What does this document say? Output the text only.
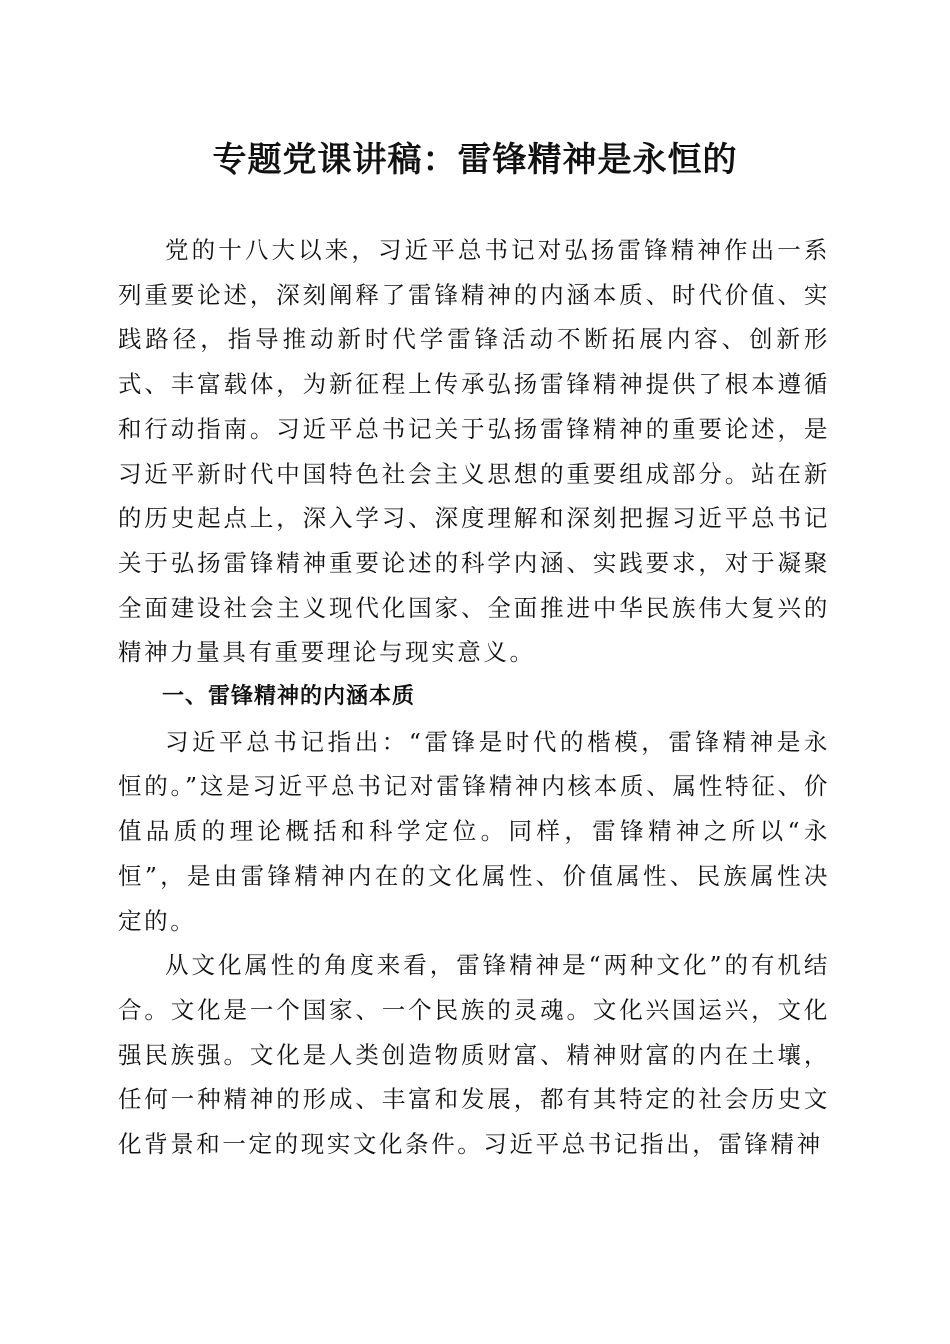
专题党课讲稿：雷锋精神是永恒的

党的十八大以来，习近平总书记对弘扬雷锋精神作出一系列重要论述，深刻阐释了雷锋精神的内涵本质、时代价值、实践路径，指导推动新时代学雷锋活动不断拓展内容、创新形式、丰富载体，为新征程上传承弘扬雷锋精神提供了根本遵循和行动指南。习近平总书记关于弘扬雷锋精神的重要论述，是习近平新时代中国特色社会主义思想的重要组成部分。站在新的历史起点上，深入学习、深度理解和深刻把握习近平总书记关于弘扬雷锋精神重要论述的科学内涵、实践要求，对于凝聚全面建设社会主义现代化国家、全面推进中华民族伟大复兴的精神力量具有重要理论与现实意义。

一、雷锋精神的内涵本质

习近平总书记指出：“雷锋是时代的楷模，雷锋精神是永恒的。”这是习近平总书记对雷锋精神内核本质、属性特征、价值品质的理论概括和科学定位。同样，雷锋精神之所以“永恒”，是由雷锋精神内在的文化属性、价值属性、民族属性决定的。

从文化属性的角度来看，雷锋精神是“两种文化”的有机结合。文化是一个国家、一个民族的灵魂。文化兴国运兴，文化强民族强。文化是人类创造物质财富、精神财富的内在土壤，任何一种精神的形成、丰富和发展，都有其特定的社会历史文化背景和一定的现实文化条件。习近平总书记指出，雷锋精神
